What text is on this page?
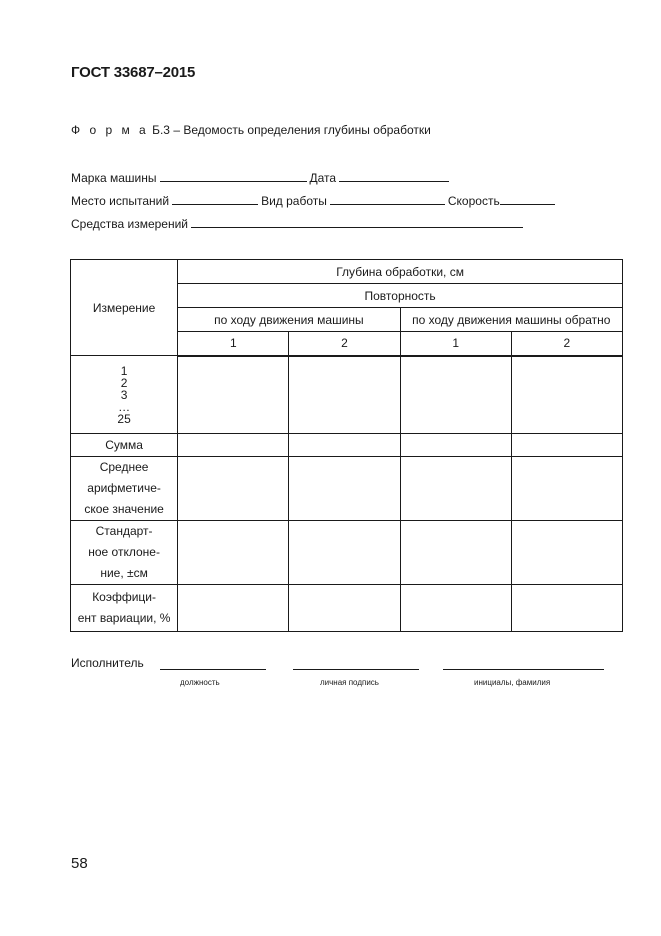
ГОСТ 33687–2015
Ф о р м а Б.3 – Ведомость определения глубины обработки
Марка машины	Дата
Место испытаний	Вид работы	Скорость
Средства измерений
Измерение	Глубина обработки, см			
	Повторность			
	по ходу движения машины		по ходу движения машины обратно	
	1	2	1	2

1
2
3
…
25				

Сумма				

Среднее
арифметиче-
ское значение				

Стандарт-
ное отклоне-
ние, ±см				

Коэффици-
ент вариации, %				

Исполнитель
должность	личная подпись	инициалы, фамилия
58
